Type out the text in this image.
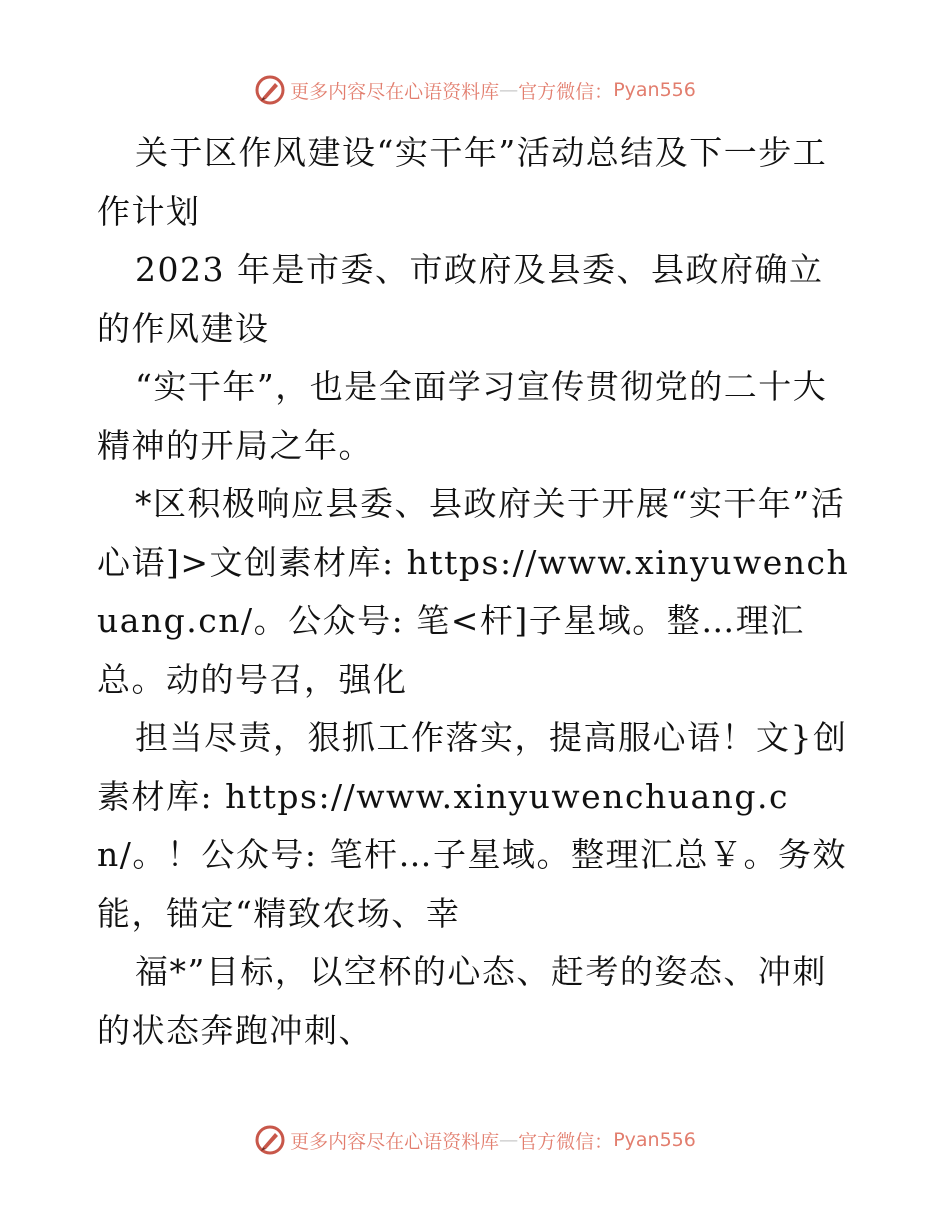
更多内容尽在心语资料库 — 官方微信： Pyan556

关于区作风建设“实干年”活动总结及下一步工作计划

2023 年是市委、市政府及县委、县政府确立的作风建设

“实干年”，也是全面学习宣传贯彻党的二十大精神的开局之年。

*区积极响应县委、县政府关于开展“实干年”活心语]>文创素材库: https://www.xinyuwenchuang.cn/。公众号: 笔<杆]子星域。整…理汇总。动的号召，强化

担当尽责，狠抓工作落实，提高服心语！文}创素材库: https://www.xinyuwenchuang.cn/。！公众号: 笔杆…子星域。整理汇总￥。务效能，锚定“精致农场、幸

福*”目标，以空杯的心态、赶考的姿态、冲刺的状态奔跑冲刺、

更多内容尽在心语资料库 — 官方微信： Pyan556
